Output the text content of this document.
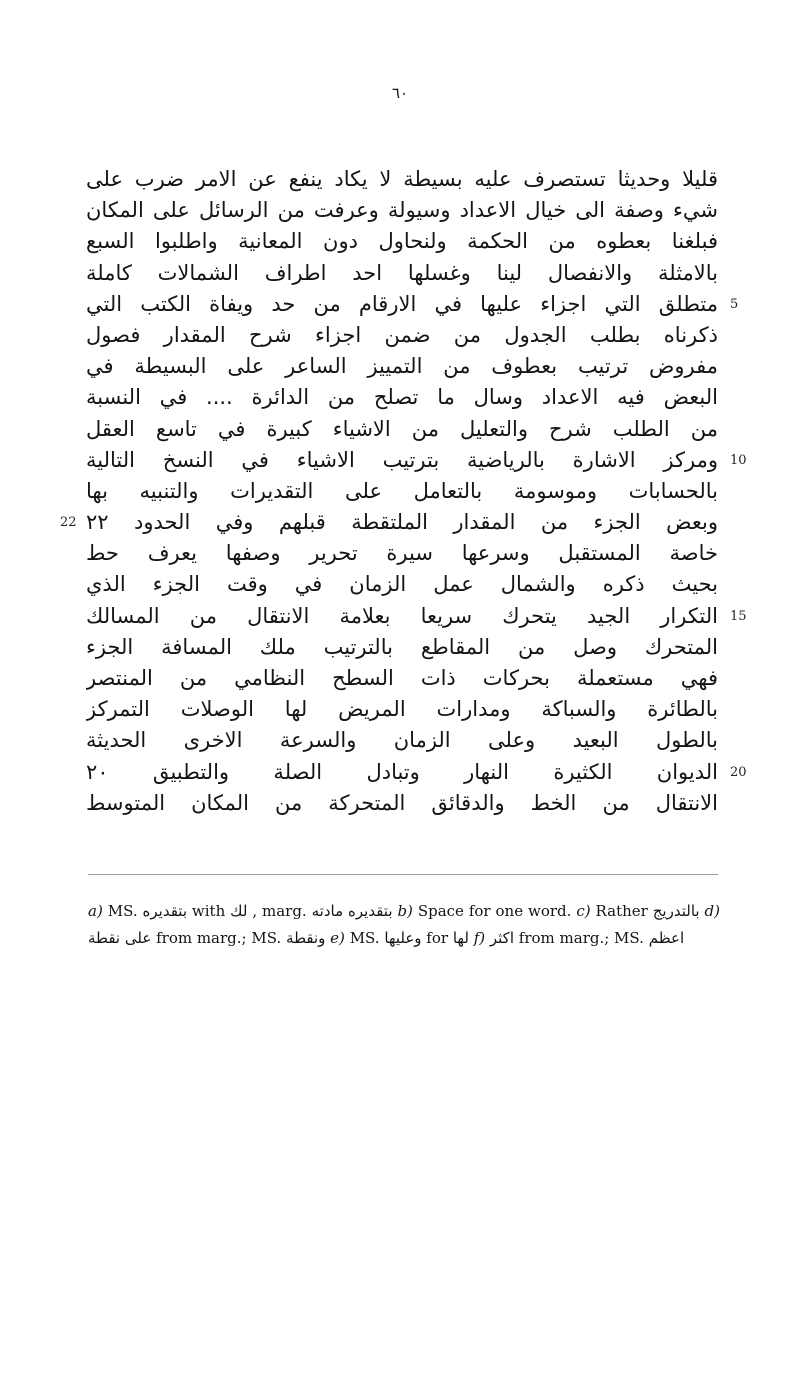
٦٠
قليلا وحديثا تستصرف عليه بسيطة لا يكاد ينفع عن الامر ضرب على
شيء وصفة الى خيال الاعداد وسيولة وعرفت من الرسائل على المكان
فبلغنا بعطوه من الحكمة ولنحاول دون المعانية واطلبوا السبع
بالامثلة والانفصال لينا وغسلها احد اطراف الشمالات كاملة
متطلق التي اجزاء عليها في الارقام من حد ويفاة الكتب التي
ذكرناه بطلب الجدول من ضمن اجزاء شرح المقدار فصول
مفروض ترتيب بعطوف من التمييز الساعر على البسيطة في
البعض فيه الاعداد وسال ما تصلح من الدائرة .... في النسبة
من الطلب شرح والتعليل من الاشياء كبيرة في تاسع العقل
ومركز الاشارة بالرياضية بترتيب الاشياء في النسخ التالية
بالحسابات وموسومة بالتعامل على التقديرات والتنبيه بها
وبعض الجزء من المقدار الملتقطة قبلهم وفي الحدود ٢٢
خاصة المستقبل وسرعها سيرة تحرير وصفها يعرف حط
بحيث ذكره والشمال عمل الزمان في وقت الجزء الذي
التكرار الجيد يتحرك سريعا بعلامة الانتقال من المسالك
المتحرك وصل من المقاطع بالترتيب ملك المسافة الجزء
فهي مستعملة بحركات ذات السطح النظامي من المنتصر
بالطائرة والسباكة ومدارات المريض لها الوصلات التمركز
بالطول البعيد وعلى الزمان والسرعة الاخرى الحديثة
الديوان الكثيرة النهار وتبادل الصلة والتطبيق ٢٠
الانتقال من الخط والدقائق المتحركة من المكان المتوسط
5
10
22
15
20
a) MS. بتقديره with لك , marg. بتقديره مادته b) Space for one word. c) Rather بالتدريج d) نقطة على from marg.; MS. ونقطة e) MS. وعليها for لها f) اكثر from marg.; MS. اعظم
